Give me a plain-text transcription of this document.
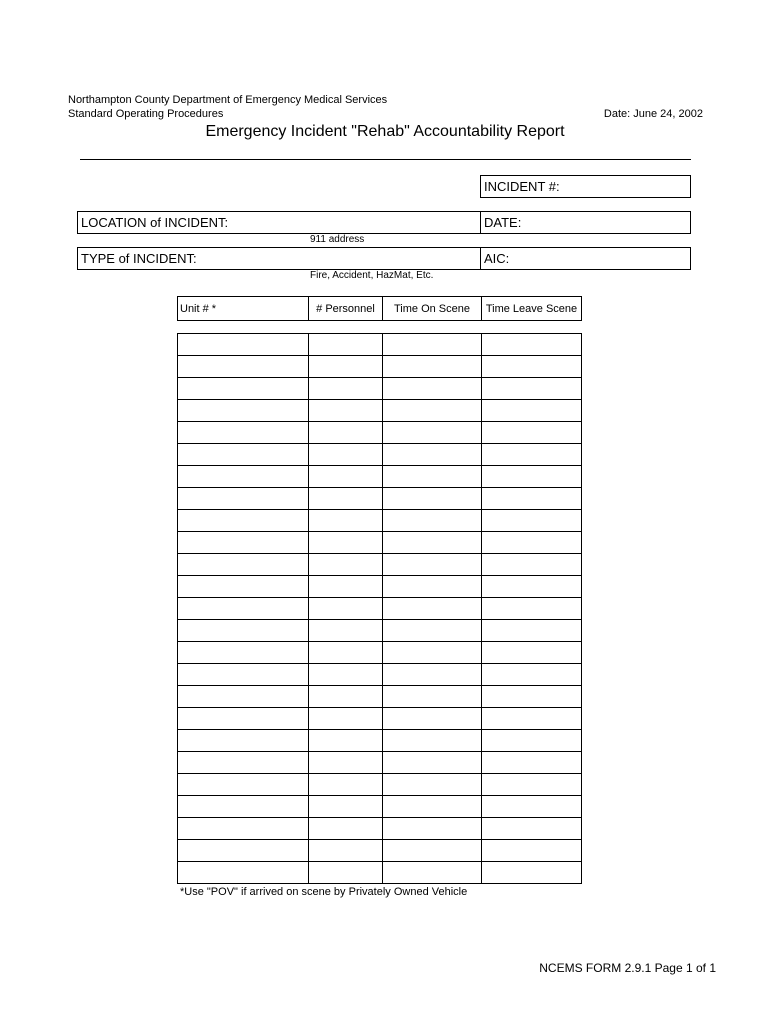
Northampton County Department of Emergency Medical Services
Standard Operating Procedures	Date: June 24, 2002
Emergency Incident "Rehab" Accountability Report
INCIDENT #:
LOCATION of INCIDENT:	DATE:
911 address
TYPE of INCIDENT:	AIC:
Fire, Accident, HazMat, Etc.
Unit # *	# Personnel	Time On Scene	Time Leave Scene

*Use "POV" if arrived on scene by Privately Owned Vehicle
NCEMS FORM 2.9.1 Page 1 of 1
